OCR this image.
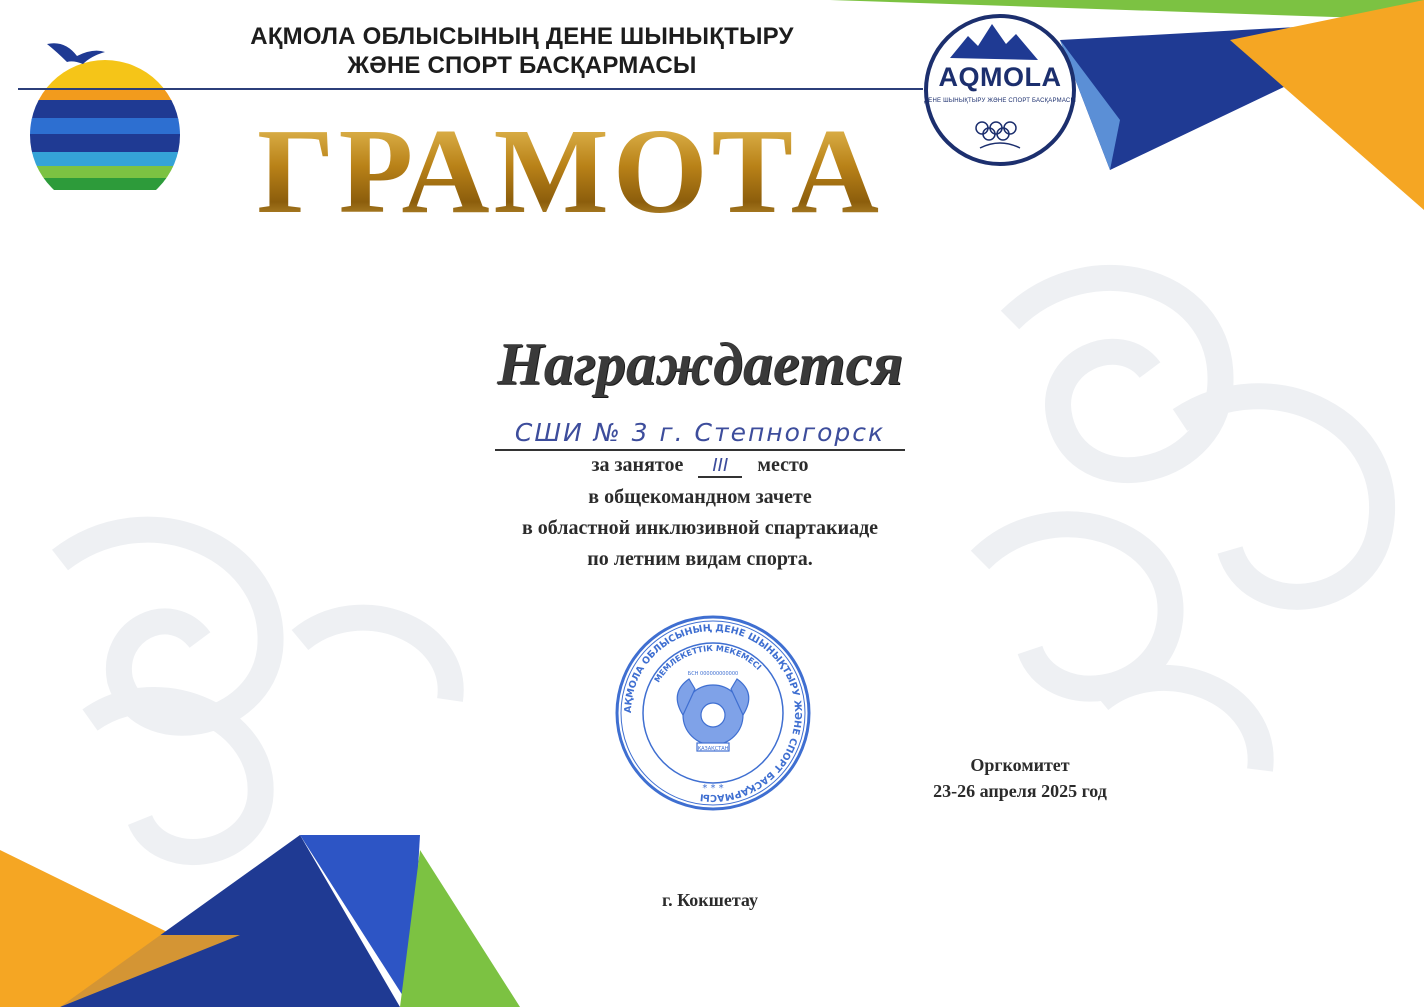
АҚМОЛА ОБЛЫСЫНЫҢ ДЕНЕ ШЫНЫҚТЫРУ
ЖӘНЕ СПОРТ БАСҚАРМАСЫ	AQMOLA
ДЕНЕ ШЫНЫҚТЫРУ ЖӘНЕ СПОРТ БАСҚАРМАСЫ
ГРАМОТА
Награждается
СШИ № 3 г. Степногорск
за занятое III место
в общекомандном зачете
в областной инклюзивной спартакиаде
по летним видам спорта.
АҚМОЛА ОБЛЫСЫНЫҢ ДЕНЕ ШЫНЫҚТЫРУ ЖӘНЕ СПОРТ БАСҚАРМАСЫ
МЕМЛЕКЕТТІК МЕКЕМЕСІ
ҚАЗАҚСТАН
БСН 000000000000
* * *
Оргкомитет
23-26 апреля 2025 год
г. Кокшетау
